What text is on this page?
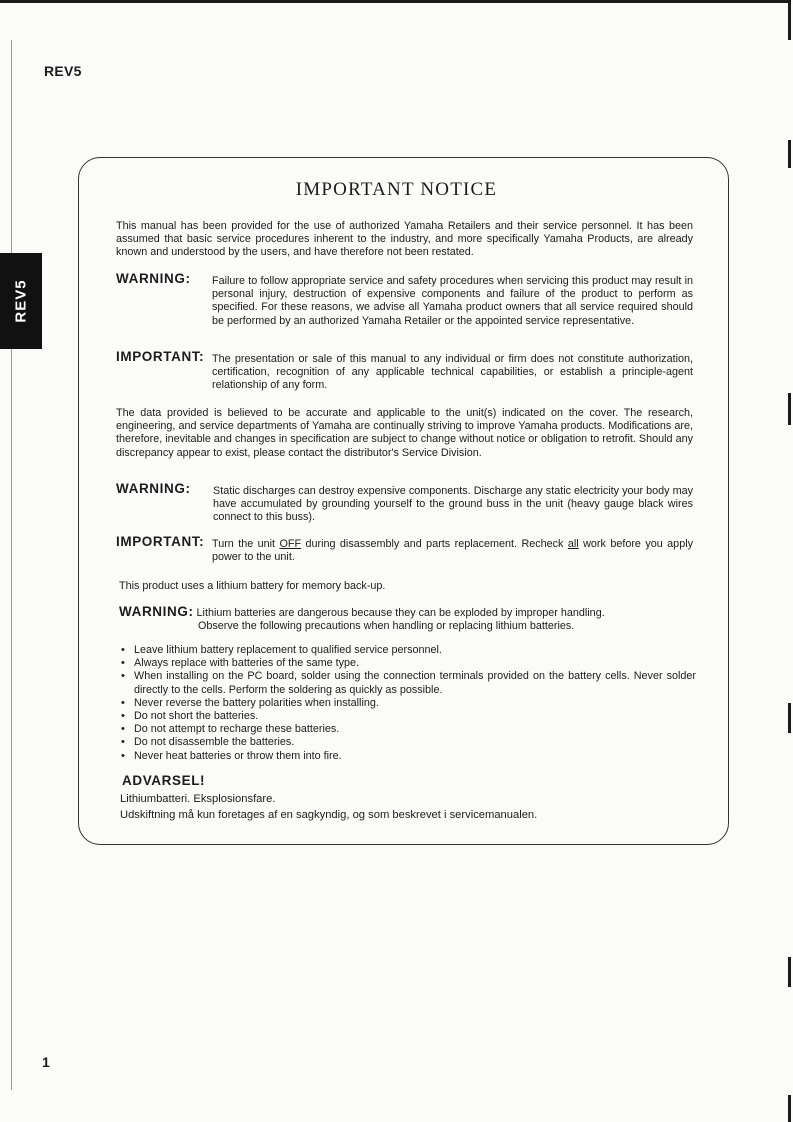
REV5
REV5
IMPORTANT NOTICE

This manual has been provided for the use of authorized Yamaha Retailers and their service personnel. It has been assumed that basic service procedures inherent to the industry, and more specifically Yamaha Products, are already known and understood by the users, and have therefore not been restated.

WARNING: Failure to follow appropriate service and safety procedures when servicing this product may result in personal injury, destruction of expensive components and failure of the product to perform as specified. For these reasons, we advise all Yamaha product owners that all service required should be performed by an authorized Yamaha Retailer or the appointed service representative.

IMPORTANT: The presentation or sale of this manual to any individual or firm does not constitute authorization, certification, recognition of any applicable technical capabilities, or establish a principle-agent relationship of any form.

The data provided is believed to be accurate and applicable to the unit(s) indicated on the cover. The research, engineering, and service departments of Yamaha are continually striving to improve Yamaha products. Modifications are, therefore, inevitable and changes in specification are subject to change without notice or obligation to retrofit. Should any discrepancy appear to exist, please contact the distributor's Service Division.

WARNING: Static discharges can destroy expensive components. Discharge any static electricity your body may have accumulated by grounding yourself to the ground buss in the unit (heavy gauge black wires connect to this buss).

IMPORTANT: Turn the unit OFF during disassembly and parts replacement. Recheck all work before you apply power to the unit.

This product uses a lithium battery for memory back-up.

WARNING: Lithium batteries are dangerous because they can be exploded by improper handling.

Observe the following precautions when handling or replacing lithium batteries.

• Leave lithium battery replacement to qualified service personnel.
• Always replace with batteries of the same type.
• When installing on the PC board, solder using the connection terminals provided on the battery cells. Never solder directly to the cells. Perform the soldering as quickly as possible.
• Never reverse the battery polarities when installing.
• Do not short the batteries.
• Do not attempt to recharge these batteries.
• Do not disassemble the batteries.
• Never heat batteries or throw them into fire.
ADVARSEL!

Lithiumbatteri. Eksplosionsfare.

Udskiftning må kun foretages af en sagkyndig, og som beskrevet i servicemanualen.

1
